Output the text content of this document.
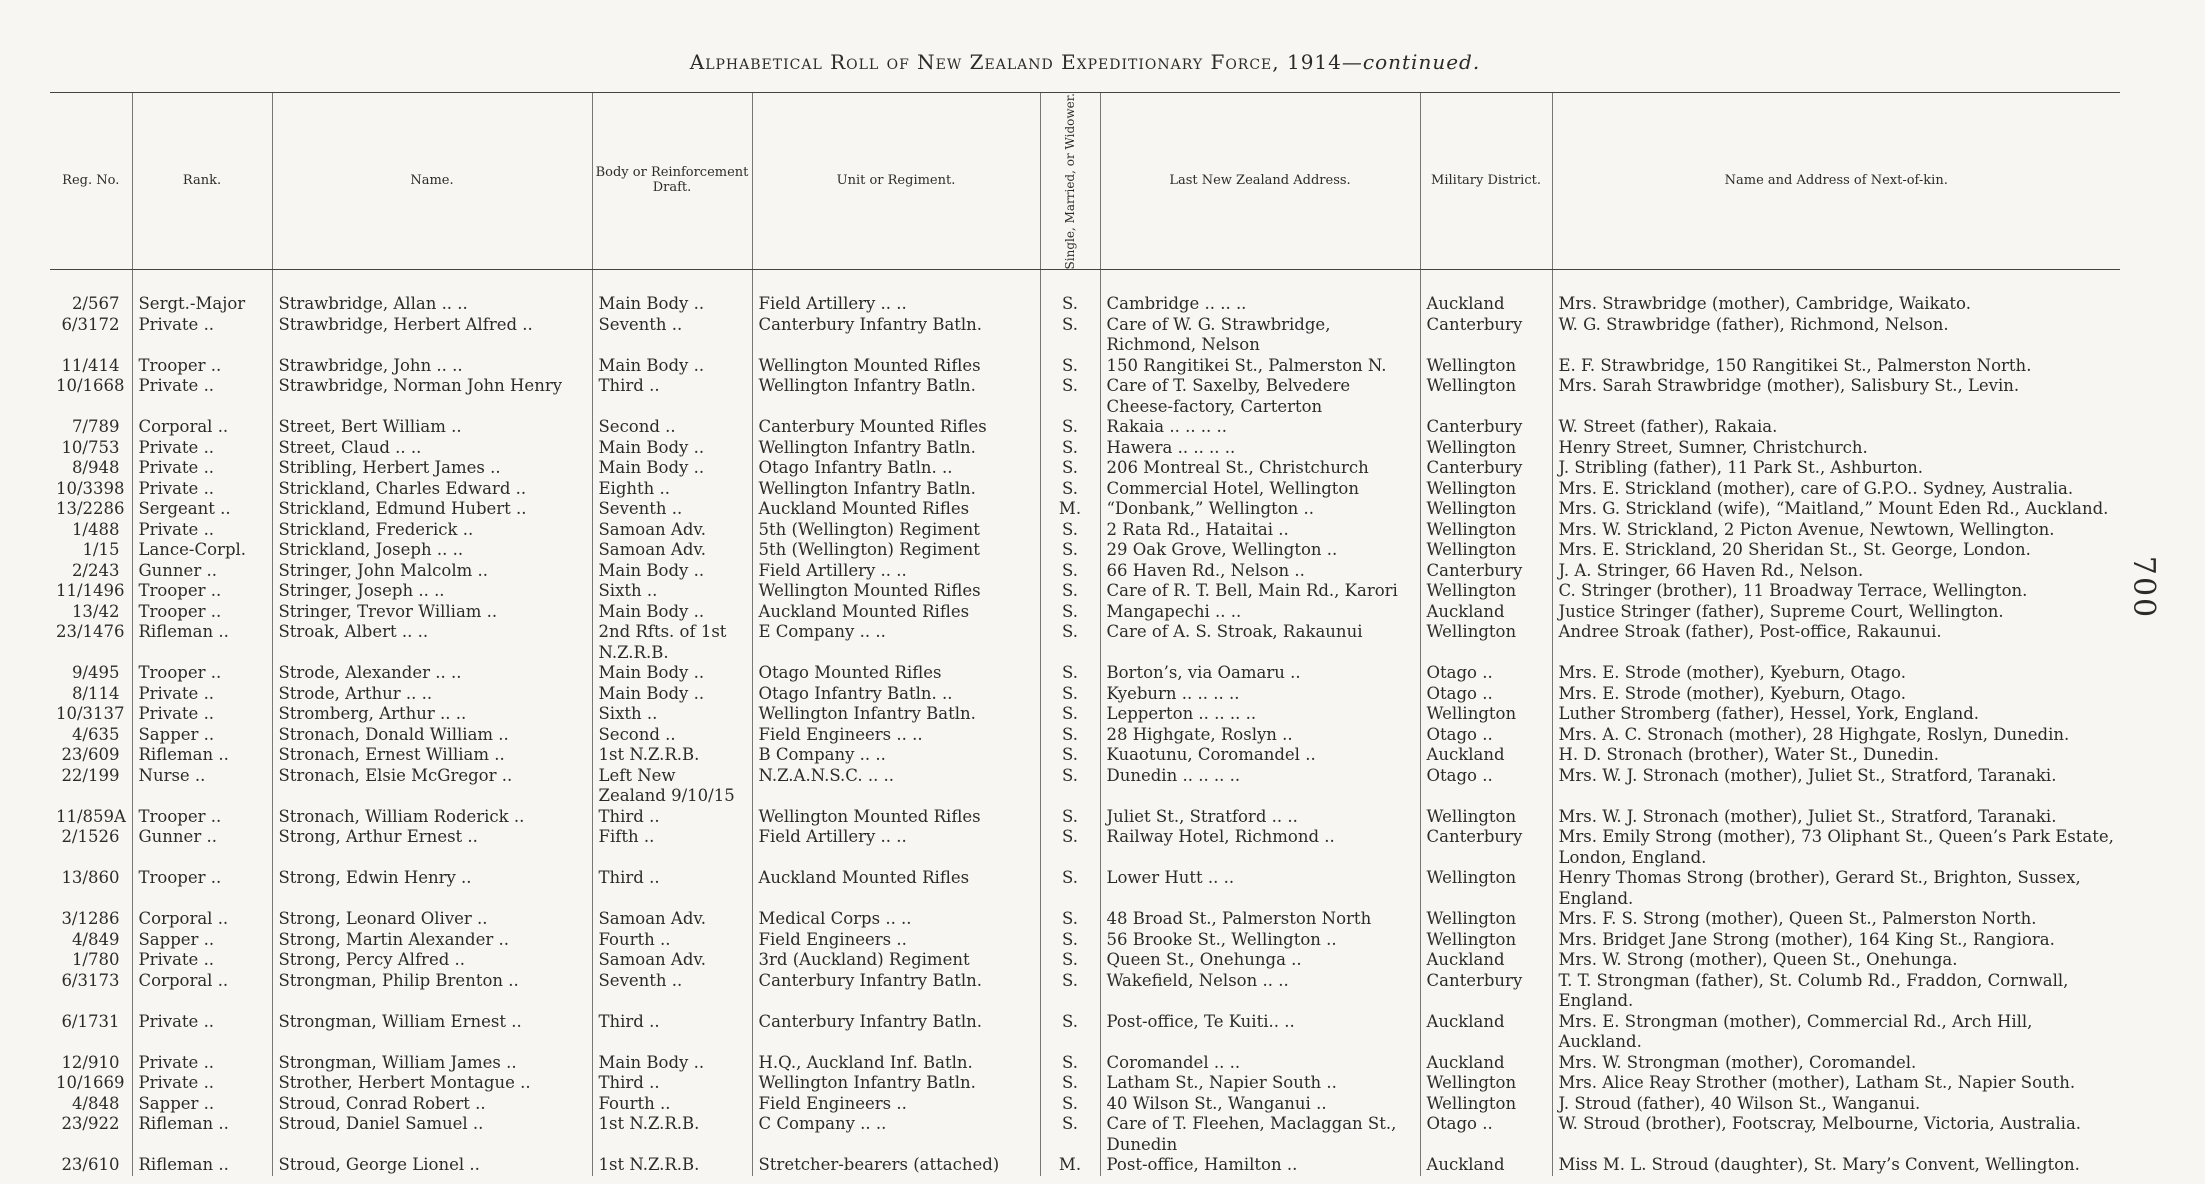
Alphabetical Roll of New Zealand Expeditionary Force, 1914—continued.
Reg. No.	Rank.	Name.	Body or Reinforcement Draft.	Unit or Regiment.	Single, Married, or Widower.	Last New Zealand Address.	Military District.	Name and Address of Next-of-kin.
2/567	Sergt.-Major	Strawbridge, Allan .. ..	Main Body ..	Field Artillery .. ..	S.	Cambridge .. .. ..	Auckland	Mrs. Strawbridge (mother), Cambridge, Waikato.
6/3172	Private ..	Strawbridge, Herbert Alfred ..	Seventh ..	Canterbury Infantry Batln.	S.	Care of W. G. Strawbridge, Richmond, Nelson	Canterbury	W. G. Strawbridge (father), Richmond, Nelson.
11/414	Trooper ..	Strawbridge, John .. ..	Main Body ..	Wellington Mounted Rifles	S.	150 Rangitikei St., Palmerston N.	Wellington	E. F. Strawbridge, 150 Rangitikei St., Palmerston North.
10/1668	Private ..	Strawbridge, Norman John Henry	Third ..	Wellington Infantry Batln.	S.	Care of T. Saxelby, Belvedere Cheese-factory, Carterton	Wellington	Mrs. Sarah Strawbridge (mother), Salisbury St., Levin.
7/789	Corporal ..	Street, Bert William ..	Second ..	Canterbury Mounted Rifles	S.	Rakaia .. .. .. ..	Canterbury	W. Street (father), Rakaia.
10/753	Private ..	Street, Claud .. ..	Main Body ..	Wellington Infantry Batln.	S.	Hawera .. .. .. ..	Wellington	Henry Street, Sumner, Christchurch.
8/948	Private ..	Stribling, Herbert James ..	Main Body ..	Otago Infantry Batln. ..	S.	206 Montreal St., Christchurch	Canterbury	J. Stribling (father), 11 Park St., Ashburton.
10/3398	Private ..	Strickland, Charles Edward ..	Eighth ..	Wellington Infantry Batln.	S.	Commercial Hotel, Wellington	Wellington	Mrs. E. Strickland (mother), care of G.P.O.. Sydney, Australia.
13/2286	Sergeant ..	Strickland, Edmund Hubert ..	Seventh ..	Auckland Mounted Rifles	M.	“Donbank,” Wellington ..	Wellington	Mrs. G. Strickland (wife), “Maitland,” Mount Eden Rd., Auckland.
1/488	Private ..	Strickland, Frederick ..	Samoan Adv.	5th (Wellington) Regiment	S.	2 Rata Rd., Hataitai ..	Wellington	Mrs. W. Strickland, 2 Picton Avenue, Newtown, Wellington.
1/15	Lance-Corpl.	Strickland, Joseph .. ..	Samoan Adv.	5th (Wellington) Regiment	S.	29 Oak Grove, Wellington ..	Wellington	Mrs. E. Strickland, 20 Sheridan St., St. George, London.
2/243	Gunner ..	Stringer, John Malcolm ..	Main Body ..	Field Artillery .. ..	S.	66 Haven Rd., Nelson ..	Canterbury	J. A. Stringer, 66 Haven Rd., Nelson.
11/1496	Trooper ..	Stringer, Joseph .. ..	Sixth ..	Wellington Mounted Rifles	S.	Care of R. T. Bell, Main Rd., Karori	Wellington	C. Stringer (brother), 11 Broadway Terrace, Wellington.
13/42	Trooper ..	Stringer, Trevor William ..	Main Body ..	Auckland Mounted Rifles	S.	Mangapechi .. ..	Auckland	Justice Stringer (father), Supreme Court, Wellington.
23/1476	Rifleman ..	Stroak, Albert .. ..	2nd Rfts. of 1st N.Z.R.B.	E Company .. ..	S.	Care of A. S. Stroak, Rakaunui	Wellington	Andree Stroak (father), Post-office, Rakaunui.
9/495	Trooper ..	Strode, Alexander .. ..	Main Body ..	Otago Mounted Rifles	S.	Borton’s, via Oamaru ..	Otago ..	Mrs. E. Strode (mother), Kyeburn, Otago.
8/114	Private ..	Strode, Arthur .. ..	Main Body ..	Otago Infantry Batln. ..	S.	Kyeburn .. .. .. ..	Otago ..	Mrs. E. Strode (mother), Kyeburn, Otago.
10/3137	Private ..	Stromberg, Arthur .. ..	Sixth ..	Wellington Infantry Batln.	S.	Lepperton .. .. .. ..	Wellington	Luther Stromberg (father), Hessel, York, England.
4/635	Sapper ..	Stronach, Donald William ..	Second ..	Field Engineers .. ..	S.	28 Highgate, Roslyn ..	Otago ..	Mrs. A. C. Stronach (mother), 28 Highgate, Roslyn, Dunedin.
23/609	Rifleman ..	Stronach, Ernest William ..	1st N.Z.R.B.	B Company .. ..	S.	Kuaotunu, Coromandel ..	Auckland	H. D. Stronach (brother), Water St., Dunedin.
22/199	Nurse ..	Stronach, Elsie McGregor ..	Left New Zealand 9/10/15	N.Z.A.N.S.C. .. ..	S.	Dunedin .. .. .. ..	Otago ..	Mrs. W. J. Stronach (mother), Juliet St., Stratford, Taranaki.
11/859A	Trooper ..	Stronach, William Roderick ..	Third ..	Wellington Mounted Rifles	S.	Juliet St., Stratford .. ..	Wellington	Mrs. W. J. Stronach (mother), Juliet St., Stratford, Taranaki.
2/1526	Gunner ..	Strong, Arthur Ernest ..	Fifth ..	Field Artillery .. ..	S.	Railway Hotel, Richmond ..	Canterbury	Mrs. Emily Strong (mother), 73 Oliphant St., Queen’s Park Estate, London, England.
13/860	Trooper ..	Strong, Edwin Henry ..	Third ..	Auckland Mounted Rifles	S.	Lower Hutt .. ..	Wellington	Henry Thomas Strong (brother), Gerard St., Brighton, Sussex, England.
3/1286	Corporal ..	Strong, Leonard Oliver ..	Samoan Adv.	Medical Corps .. ..	S.	48 Broad St., Palmerston North	Wellington	Mrs. F. S. Strong (mother), Queen St., Palmerston North.
4/849	Sapper ..	Strong, Martin Alexander ..	Fourth ..	Field Engineers ..	S.	56 Brooke St., Wellington ..	Wellington	Mrs. Bridget Jane Strong (mother), 164 King St., Rangiora.
1/780	Private ..	Strong, Percy Alfred ..	Samoan Adv.	3rd (Auckland) Regiment	S.	Queen St., Onehunga ..	Auckland	Mrs. W. Strong (mother), Queen St., Onehunga.
6/3173	Corporal ..	Strongman, Philip Brenton ..	Seventh ..	Canterbury Infantry Batln.	S.	Wakefield, Nelson .. ..	Canterbury	T. T. Strongman (father), St. Columb Rd., Fraddon, Cornwall, England.
6/1731	Private ..	Strongman, William Ernest ..	Third ..	Canterbury Infantry Batln.	S.	Post-office, Te Kuiti.. ..	Auckland	Mrs. E. Strongman (mother), Commercial Rd., Arch Hill, Auckland.
12/910	Private ..	Strongman, William James ..	Main Body ..	H.Q., Auckland Inf. Batln.	S.	Coromandel .. ..	Auckland	Mrs. W. Strongman (mother), Coromandel.
10/1669	Private ..	Strother, Herbert Montague ..	Third ..	Wellington Infantry Batln.	S.	Latham St., Napier South ..	Wellington	Mrs. Alice Reay Strother (mother), Latham St., Napier South.
4/848	Sapper ..	Stroud, Conrad Robert ..	Fourth ..	Field Engineers ..	S.	40 Wilson St., Wanganui ..	Wellington	J. Stroud (father), 40 Wilson St., Wanganui.
23/922	Rifleman ..	Stroud, Daniel Samuel ..	1st N.Z.R.B.	C Company .. ..	S.	Care of T. Fleehen, Maclaggan St., Dunedin	Otago ..	W. Stroud (brother), Footscray, Melbourne, Victoria, Australia.
23/610	Rifleman ..	Stroud, George Lionel ..	1st N.Z.R.B.	Stretcher-bearers (attached)	M.	Post-office, Hamilton ..	Auckland	Miss M. L. Stroud (daughter), St. Mary’s Convent, Wellington.
700
